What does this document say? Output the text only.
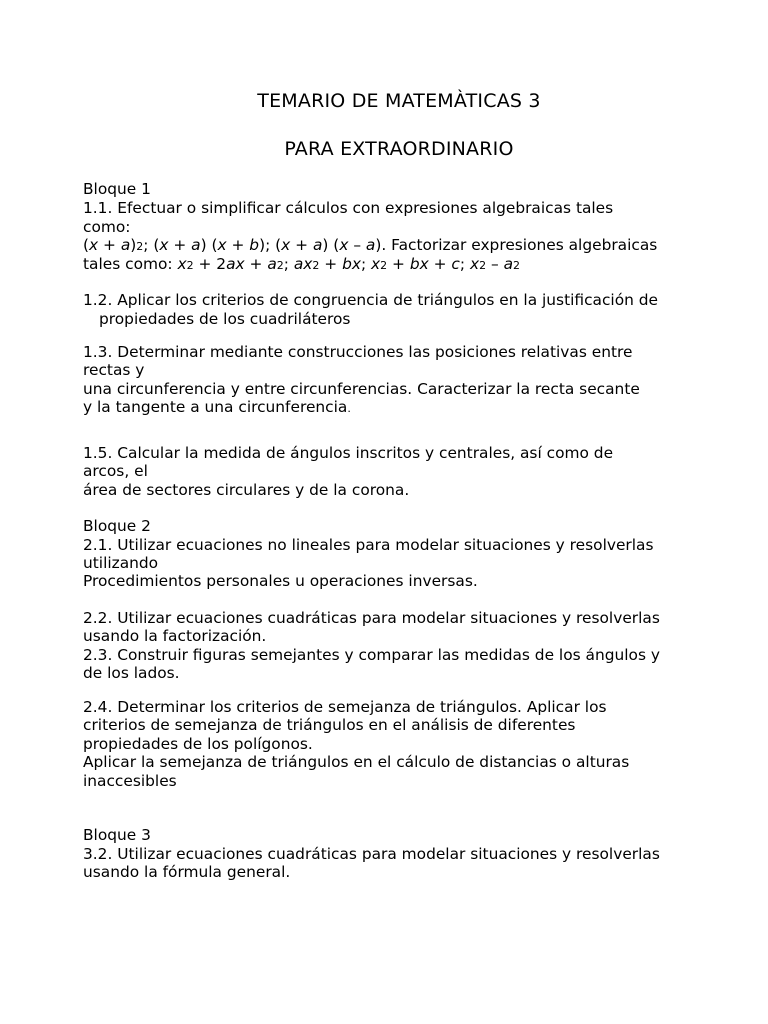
TEMARIO DE MATEMÀTICAS 3
PARA EXTRAORDINARIO
Bloque 1
1.1. Efectuar o simplificar cálculos con expresiones algebraicas tales
como:
(x + a)2; (x + a) (x + b); (x + a) (x – a). Factorizar expresiones algebraicas
tales como: x2 + 2ax + a2; ax2 + bx; x2 + bx + c; x2 – a2
1.2. Aplicar los criterios de congruencia de triángulos en la justificación de
propiedades de los cuadriláteros
1.3. Determinar mediante construcciones las posiciones relativas entre
rectas y
una circunferencia y entre circunferencias. Caracterizar la recta secante
y la tangente a una circunferencia.
1.5. Calcular la medida de ángulos inscritos y centrales, así como de
arcos, el
área de sectores circulares y de la corona.
Bloque 2
2.1. Utilizar ecuaciones no lineales para modelar situaciones y resolverlas
utilizando
Procedimientos personales u operaciones inversas.
2.2. Utilizar ecuaciones cuadráticas para modelar situaciones y resolverlas
usando la factorización.
2.3. Construir figuras semejantes y comparar las medidas de los ángulos y
de los lados.
2.4. Determinar los criterios de semejanza de triángulos. Aplicar los
criterios de semejanza de triángulos en el análisis de diferentes
propiedades de los polígonos.
Aplicar la semejanza de triángulos en el cálculo de distancias o alturas
inaccesibles
Bloque 3
3.2. Utilizar ecuaciones cuadráticas para modelar situaciones y resolverlas
usando la fórmula general.
